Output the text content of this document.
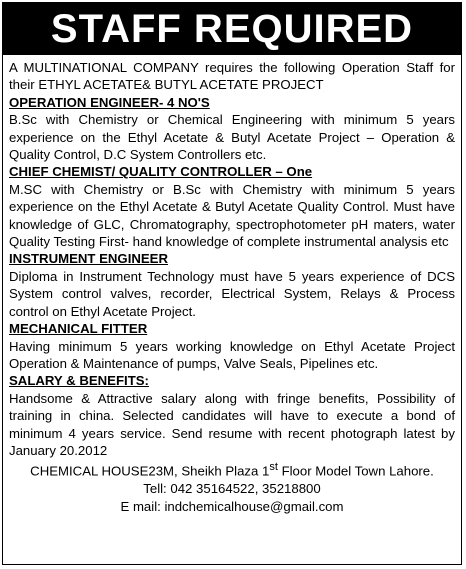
STAFF REQUIRED

A MULTINATIONAL COMPANY requires the following Operation Staff for their ETHYL ACETATE& BUTYL ACETATE PROJECT

OPERATION ENGINEER- 4 NO'S

B.Sc with Chemistry or Chemical Engineering with minimum 5 years experience on the Ethyl Acetate & Butyl Acetate Project – Operation & Quality Control, D.C System Controllers etc.

CHIEF CHEMIST/ QUALITY CONTROLLER – One

M.SC with Chemistry or B.Sc with Chemistry with minimum 5 years experience on the Ethyl Acetate & Butyl Acetate Quality Control. Must have knowledge of GLC, Chromatography, spectrophotometer pH maters, water Quality Testing First- hand knowledge of complete instrumental analysis etc

INSTRUMENT ENGINEER

Diploma in Instrument Technology must have 5 years experience of DCS System control valves, recorder, Electrical System, Relays & Process control on Ethyl Acetate Project.

MECHANICAL FITTER

Having minimum 5 years working knowledge on Ethyl Acetate Project Operation & Maintenance of pumps, Valve Seals, Pipelines etc.

SALARY & BENEFITS:

Handsome & Attractive salary along with fringe benefits, Possibility of training in china. Selected candidates will have to execute a bond of minimum 4 years service. Send resume with recent photograph latest by January 20.2012

CHEMICAL HOUSE23M, Sheikh Plaza 1st Floor Model Town Lahore.

Tell: 042 35164522, 35218800

E mail: indchemicalhouse@gmail.com
